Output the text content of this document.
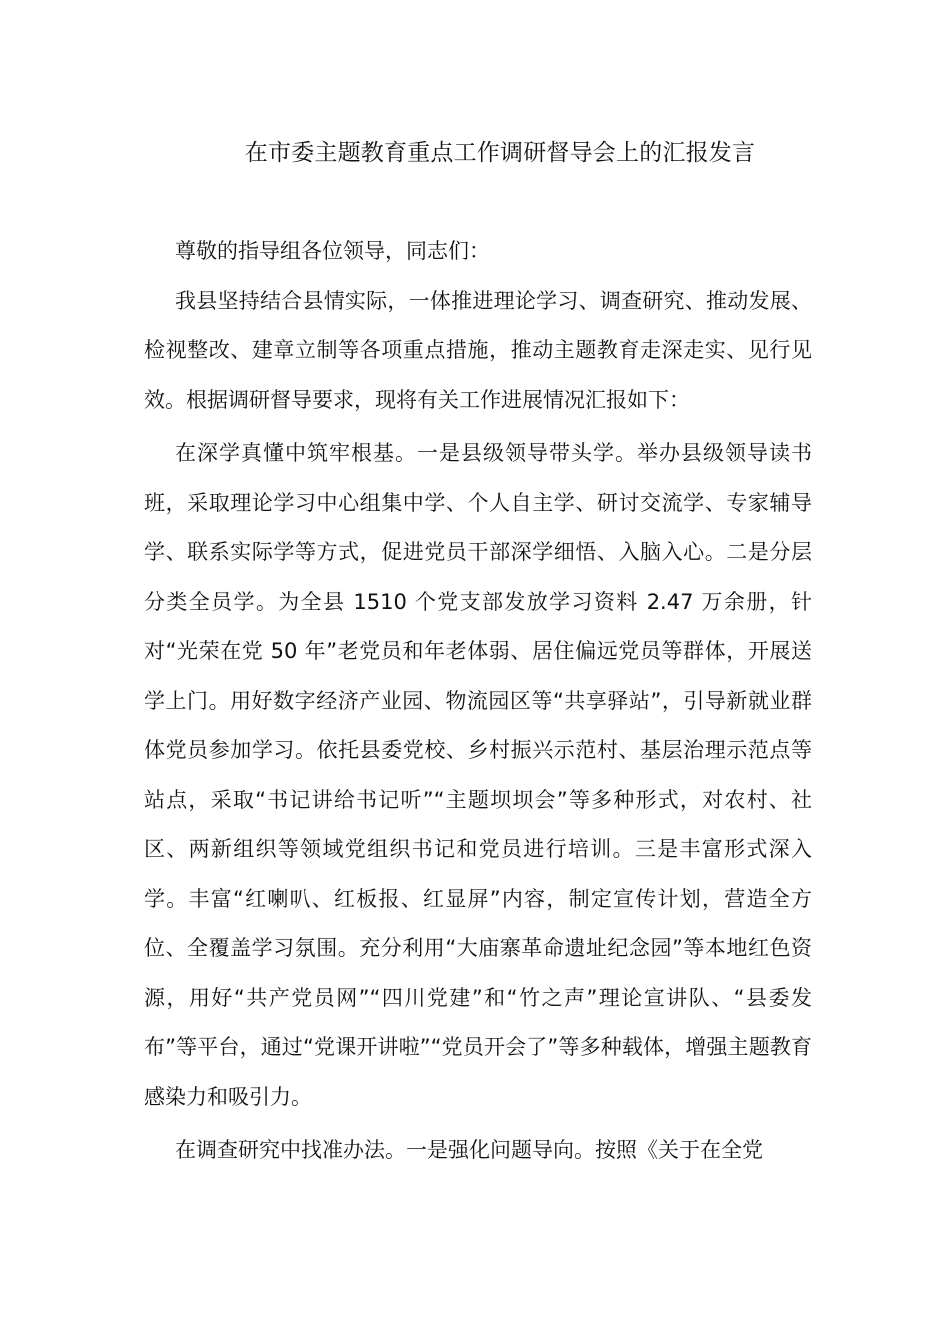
在市委主题教育重点工作调研督导会上的汇报发言

尊敬的指导组各位领导，同志们：

我县坚持结合县情实际，一体推进理论学习、调查研究、推动发展、检视整改、建章立制等各项重点措施，推动主题教育走深走实、见行见效。根据调研督导要求，现将有关工作进展情况汇报如下：

在深学真懂中筑牢根基。一是县级领导带头学。举办县级领导读书班，采取理论学习中心组集中学、个人自主学、研讨交流学、专家辅导学、联系实际学等方式，促进党员干部深学细悟、入脑入心。二是分层分类全员学。为全县 1510 个党支部发放学习资料 2.47 万余册，针对“光荣在党 50 年”老党员和年老体弱、居住偏远党员等群体，开展送学上门。用好数字经济产业园、物流园区等“共享驿站”，引导新就业群体党员参加学习。依托县委党校、乡村振兴示范村、基层治理示范点等站点，采取“书记讲给书记听”“主题坝坝会”等多种形式，对农村、社区、两新组织等领域党组织书记和党员进行培训。三是丰富形式深入学。丰富“红喇叭、红板报、红显屏”内容，制定宣传计划，营造全方位、全覆盖学习氛围。充分利用“大庙寨革命遗址纪念园”等本地红色资源，用好“共产党员网”“四川党建”和“竹之声”理论宣讲队、“县委发布”等平台，通过“党课开讲啦”“党员开会了”等多种载体，增强主题教育感染力和吸引力。

在调查研究中找准办法。一是强化问题导向。按照《关于在全党
